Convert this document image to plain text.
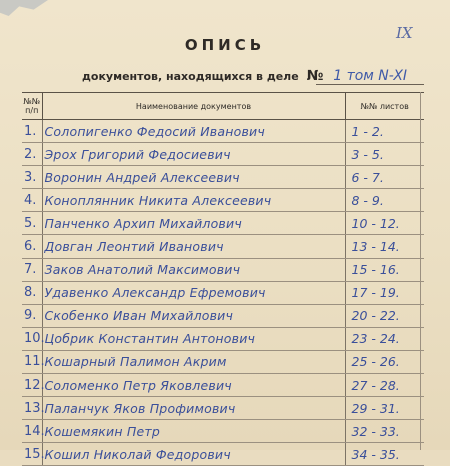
IX
ОПИСЬ
документов, находящихся в деле № 1 том N-XI
№№ п/п	Наименование документов	№№ листов
1.	Солопигенко Федосий Иванович	1 - 2.
2.	Эрох Григорий Федосиевич	3 - 5.
3.	Воронин Андрей Алексеевич	6 - 7.
4.	Коноплянник Никита Алексеевич	8 - 9.
5.	Панченко Архип Михайлович	10 - 12.
6.	Довган Леонтий Иванович	13 - 14.
7.	Заков Анатолий Максимович	15 - 16.
8.	Удавенко Александр Ефремович	17 - 19.
9.	Скобенко Иван Михайлович	20 - 22.
10.	Цобрик Константин Антонович	23 - 24.
11.	Кошарный Палимон Акрим	25 - 26.
12.	Соломенко Петр Яковлевич	27 - 28.
13.	Паланчук Яков Профимович	29 - 31.
14.	Кошемякин Петр	32 - 33.
15.	Кошил Николай Федорович	34 - 35.
